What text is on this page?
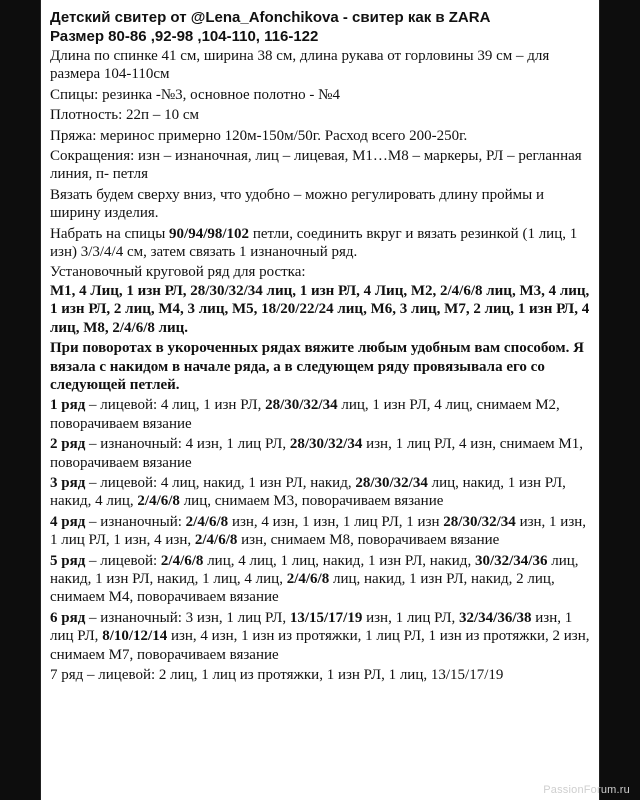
Детский свитер от @Lena_Afonchikova - свитер как в ZARA
Размер 80-86 ,92-98 ,104-110, 116-122
Длина по спинке 41 см, ширина 38 см, длина рукава от горловины 39 см – для размера 104-110см
Спицы: резинка -№3, основное полотно - №4
Плотность: 22п – 10 см
Пряжа: меринос примерно 120м-150м/50г. Расход всего 200-250г.
Сокращения: изн – изнаночная, лиц – лицевая, М1…М8 – маркеры, РЛ – регланная линия, п- петля
Вязать будем сверху вниз, что удобно – можно регулировать длину проймы и ширину изделия.
Набрать на спицы 90/94/98/102 петли, соединить вкруг и вязать резинкой (1 лиц, 1 изн) 3/3/4/4 см, затем связать 1 изнаночный ряд.
Установочный круговой ряд для ростка:
М1, 4 Лиц, 1 изн РЛ, 28/30/32/34 лиц, 1 изн РЛ, 4 Лиц, М2, 2/4/6/8 лиц, М3, 4 лиц, 1 изн РЛ, 2 лиц, М4, 3 лиц, М5, 18/20/22/24 лиц, М6, 3 лиц, М7, 2 лиц, 1 изн РЛ, 4 лиц, М8, 2/4/6/8 лиц.
При поворотах в укороченных рядах вяжите любым удобным вам способом. Я вязала с накидом в начале ряда, а в следующем ряду провязывала его со следующей петлей.
1 ряд – лицевой: 4 лиц, 1 изн РЛ, 28/30/32/34 лиц, 1 изн РЛ, 4 лиц, снимаем М2, поворачиваем вязание
2 ряд – изнаночный: 4 изн, 1 лиц РЛ, 28/30/32/34 изн, 1 лиц РЛ, 4 изн, снимаем М1, поворачиваем вязание
3 ряд – лицевой: 4 лиц, накид, 1 изн РЛ, накид, 28/30/32/34 лиц, накид, 1 изн РЛ, накид, 4 лиц, 2/4/6/8 лиц, снимаем М3, поворачиваем вязание
4 ряд – изнаночный: 2/4/6/8 изн, 4 изн, 1 изн, 1 лиц РЛ, 1 изн 28/30/32/34 изн, 1 изн, 1 лиц РЛ, 1 изн, 4 изн, 2/4/6/8 изн, снимаем М8, поворачиваем вязание
5 ряд – лицевой: 2/4/6/8 лиц, 4 лиц, 1 лиц, накид, 1 изн РЛ, накид, 30/32/34/36 лиц, накид, 1 изн РЛ, накид, 1 лиц, 4 лиц, 2/4/6/8 лиц, накид, 1 изн РЛ, накид, 2 лиц, снимаем М4, поворачиваем вязание
6 ряд – изнаночный: 3 изн, 1 лиц РЛ, 13/15/17/19 изн, 1 лиц РЛ, 32/34/36/38 изн, 1 лиц РЛ, 8/10/12/14 изн, 4 изн, 1 изн из протяжки, 1 лиц РЛ, 1 изн из протяжки, 2 изн, снимаем М7, поворачиваем вязание
7 ряд – лицевой: 2 лиц, 1 лиц из протяжки, 1 изн РЛ, 1 лиц, 13/15/17/19
PassionForum.ru
